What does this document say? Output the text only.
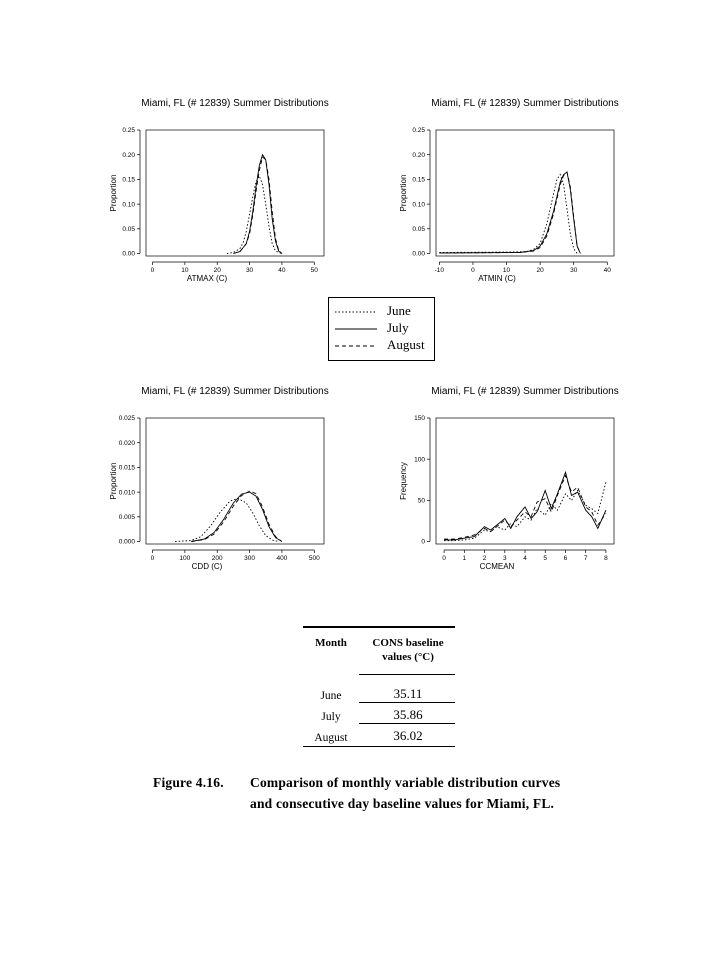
Miami, FL (# 12839) Summer Distributions
0	10	20	30	40	50
0.00
0.05
0.10
0.15
0.20
0.25
ATMAX (C)
Proportion
Miami, FL (# 12839) Summer Distributions
-10	0	10	20	30	40
0.00
0.05
0.10
0.15
0.20
0.25
ATMIN (C)
Proportion
Miami, FL (# 12839) Summer Distributions
0	100	200	300	400	500
0.000
0.005
0.010
0.015
0.020
0.025
CDD (C)
Proportion
Miami, FL (# 12839) Summer Distributions
0	1	2	3	4	5	6	7	8
0
50
100
150
CCMEAN
Frequency
June
July
August
Month	CONS baseline values (°C)
June	35.11
July	35.86
August	36.02
Figure 4.16. Comparison of monthly variable distribution curves
and consecutive day baseline values for Miami, FL.
